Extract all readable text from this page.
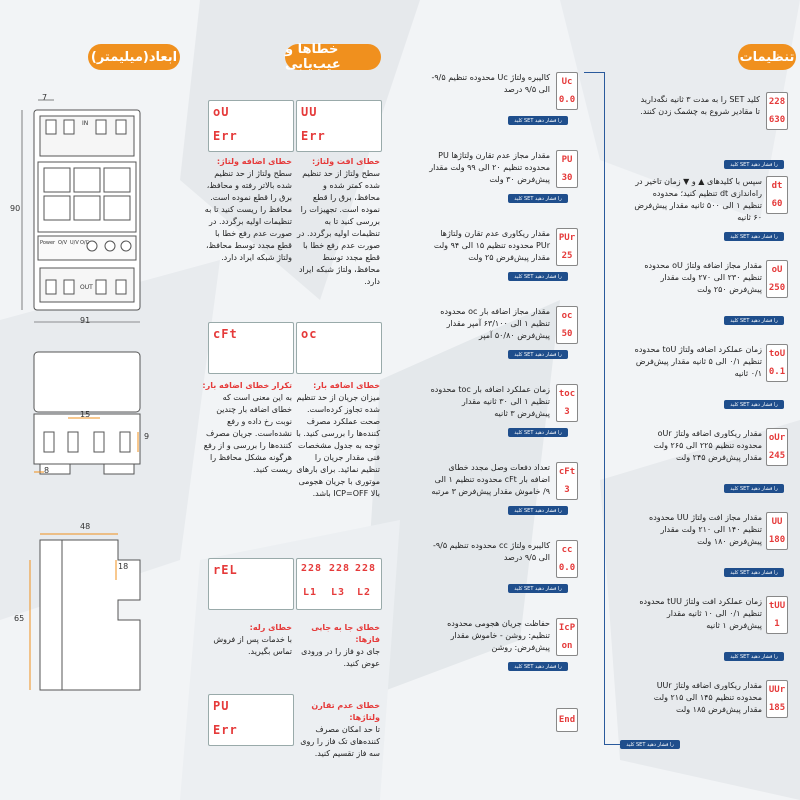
ابعاد(میلیمتر)	خطاها و عیب‌یابی	تنظیمات
7
90
91
15
9
8
48
18
65
Power O/V U/V O/C
IN
OUT
UU
Err
خطای افت ولتاژ:
سطح ولتاژ از حد تنظیم شده کمتر شده و محافظ، برق را قطع نموده است. تجهیزات را بررسی کنید تا به تنظیمات اولیه برگردد. در صورت عدم رفع خطا با قطع مجدد توسط محافظ، ولتاژ شبکه ایراد دارد.
oU
Err
خطای اضافه ولتاژ:
سطح ولتاژ از حد تنظیم شده بالاتر رفته و محافظ، برق را قطع نموده است. محافظ را ریست کنید تا به تنظیمات اولیه برگردد. در صورت عدم رفع خطا با قطع مجدد توسط محافظ، ولتاژ شبکه ایراد دارد.
oc
خطای اضافه بار:
میزان جریان از حد تنظیم شده تجاوز کرده‌است. صحت عملکرد مصرف کننده‌ها را بررسی کنید. با توجه به جدول مشخصات فنی مقدار جریان را تنظیم نمائید. برای بارهای موتوری با جریان هجومی بالا ICP=OFF باشد.
cFt
تکرار خطای اضافه بار:
به این معنی است که خطای اضافه بار چندین نوبت رخ داده و رفع نشده‌است. جریان مصرف کننده‌ها را بررسی و از رفع هرگونه مشکل محافظ را ریست کنید.
228 228 228
L1 L3 L2
خطای جا به جایی فازها:
جای دو فاز را در ورودی عوض کنید.
rEL
خطای رله:
با خدمات پس از فروش تماس بگیرید.
PU
Err
خطای عدم تقارن ولتاژها:
تا حد امکان مصرف کننده‌های تک فاز را روی سه فاز تقسیم کنید.
228
630
کلید SET را به مدت ۳ ثانیه نگه‌دارید تا مقادیر شروع به چشمک زدن کنند.
کلید SET را فشار دهید
dt
60
سپس با کلیدهای ▲ و ▼ زمان تاخیر در راه‌اندازی dt تنظیم کنید؛ محدوده تنظیم ۱ الی ۵۰۰ ثانیه مقدار پیش‌فرض ۶۰ ثانیه
کلید SET را فشار دهید
oU
250
مقدار مجاز اضافه ولتاژ oU محدوده تنظیم ۲۳۰ الی ۲۷۰ ولت مقدار پیش‌فرض ۲۵۰ ولت
کلید SET را فشار دهید
toU
0.1
زمان عملکرد اضافه ولتاژ toU محدوده تنظیم ۰/۱ الی ۵ ثانیه مقدار پیش‌فرض ۰/۱ ثانیه
کلید SET را فشار دهید
oUr
245
مقدار ریکاوری اضافه ولتاژ oUr محدوده تنظیم ۲۲۵ الی ۲۶۵ ولت مقدار پیش‌فرض ۲۴۵ ولت
کلید SET را فشار دهید
UU
180
مقدار مجاز افت ولتاژ UU محدوده تنظیم ۱۴۰ الی ۲۱۰ ولت مقدار پیش‌فرض ۱۸۰ ولت
کلید SET را فشار دهید
tUU
1
زمان عملکرد افت ولتاژ tUU محدوده تنظیم ۰/۱ الی ۱۰ ثانیه مقدار پیش‌فرض ۱ ثانیه
کلید SET را فشار دهید
UUr
185
مقدار ریکاوری اضافه ولتاژ UUr محدوده تنظیم ۱۴۵ الی ۲۱۵ ولت مقدار پیش‌فرض ۱۸۵ ولت
Uc
0.0
کالیبره ولتاژ Uc محدوده تنظیم ۹/۵- الی ۹/۵ درصد
کلید SET را فشار دهید
PU
30
مقدار مجاز عدم تقارن ولتاژها PU محدوده تنظیم ۲۰ الی ۹۹ ولت مقدار پیش‌فرض ۳۰ ولت
کلید SET را فشار دهید
PUr
25
مقدار ریکاوری عدم تقارن ولتاژها PUr محدوده تنظیم ۱۵ الی ۹۴ ولت مقدار پیش‌فرض ۲۵ ولت
کلید SET را فشار دهید
oc
50
مقدار مجاز اضافه بار oc محدوده تنظیم ۱ الی ۶۳/۱۰۰ آمپر مقدار پیش‌فرض ۵۰/۸۰ آمپر
کلید SET را فشار دهید
toc
3
زمان عملکرد اضافه بار toc محدوده تنظیم ۱ الی ۳۰ ثانیه مقدار پیش‌فرض ۳ ثانیه
کلید SET را فشار دهید
cFt
3
تعداد دفعات وصل مجدد خطای اضافه بار cFt محدوده تنظیم ۱ الی ۹/ خاموش مقدار پیش‌فرض ۳ مرتبه
کلید SET را فشار دهید
cc
0.0
کالیبره ولتاژ cc محدوده تنظیم ۹/۵- الی ۹/۵ درصد
کلید SET را فشار دهید
IcP
on
حفاظت جریان هجومی محدوده تنظیم: روشن - خاموش مقدار پیش‌فرض: روشن
کلید SET را فشار دهید
End
کلید SET را فشار دهید
